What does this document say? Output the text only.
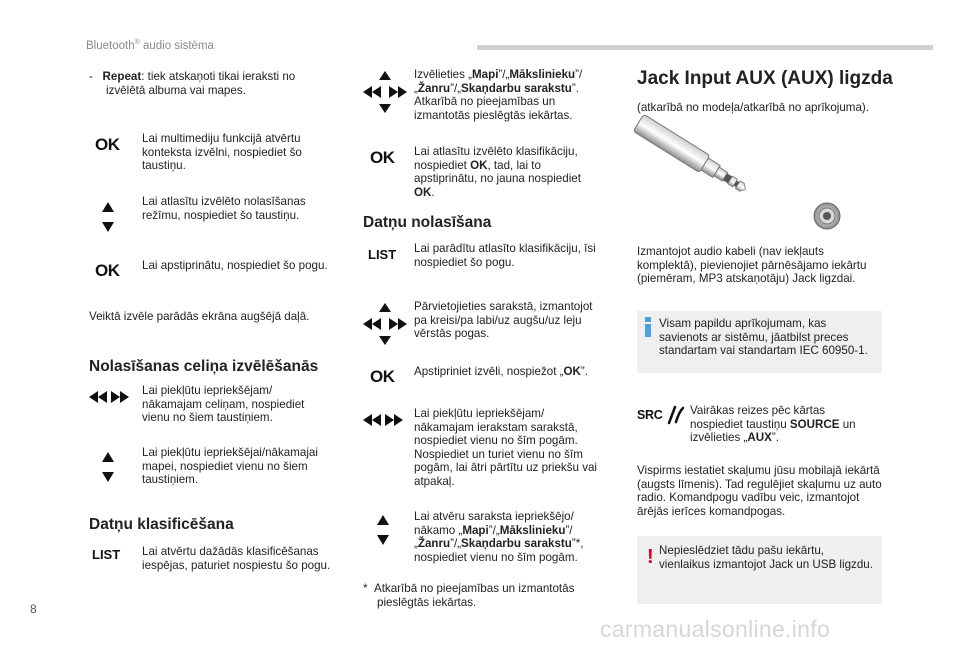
Bluetooth® audio sistēma
8
carmanualsonline.info
- Repeat: tiek atskaņoti tikai ieraksti no
izvēlētā albuma vai mapes.
OK Lai multimediju funkcijā atvērtu
konteksta izvēlni, nospiediet šo
taustiņu.
Lai atlasītu izvēlēto nolasīšanas
režīmu, nospiediet šo taustiņu.
OK Lai apstiprinātu, nospiediet šo pogu.
Veiktā izvēle parādās ekrāna augšējā daļā.
Nolasīšanas celiņa izvēlēšanās
Lai piekļūtu iepriekšējam/
nākamajam celiņam, nospiediet
vienu no šiem taustiņiem.
Lai piekļūtu iepriekšējai/nākamajai
mapei, nospiediet vienu no šiem
taustiņiem.
Datņu klasificēšana
LIST Lai atvērtu dažādās klasificēšanas
iespējas, paturiet nospiestu šo pogu.
Izvēlieties „Mapi”/„Mākslinieku”/
„Žanru”/„Skaņdarbu sarakstu”.
Atkarībā no pieejamības un
izmantotās pieslēgtās iekārtas.
OK Lai atlasītu izvēlēto klasifikāciju,
nospiediet OK, tad, lai to
apstiprinātu, no jauna nospiediet
OK.
Datņu nolasīšana
LIST Lai parādītu atlasīto klasifikāciju, īsi
nospiediet šo pogu.
Pārvietojieties sarakstā, izmantojot
pa kreisi/pa labi/uz augšu/uz leju
vērstās pogas.
OK Apstipriniet izvēli, nospiežot „OK”.
Lai piekļūtu iepriekšējam/
nākamajam ierakstam sarakstā,
nospiediet vienu no šīm pogām.
Nospiediet un turiet vienu no šīm
pogām, lai ātri pārtītu uz priekšu vai
atpakaļ.
Lai atvēru saraksta iepriekšējo/
nākamo „Mapi”/„Mākslinieku”/
„Žanru”/„Skaņdarbu sarakstu”*,
nospiediet vienu no šīm pogām.
* Atkarībā no pieejamības un izmantotās
pieslēgtās iekārtas.
Jack Input AUX (AUX) ligzda
(atkarībā no modeļa/atkarībā no aprīkojuma).
Izmantojot audio kabeli (nav iekļauts
komplektā), pievienojiet pārnēsājamo iekārtu
(piemēram, MP3 atskaņotāju) Jack ligzdai.
Visam papildu aprīkojumam, kas
savienots ar sistēmu, jāatbilst preces
standartam vai standartam IEC 60950-1.
SRC Vairākas reizes pēc kārtas
nospiediet taustiņu SOURCE un
izvēlieties „AUX”.
Vispirms iestatiet skaļumu jūsu mobilajā iekārtā
(augsts līmenis). Tad regulējiet skaļumu uz auto
radio. Komandpogu vadību veic, izmantojot
ārējās ierīces komandpogas.
! Nepieslēdziet tādu pašu iekārtu,
vienlaikus izmantojot Jack un USB ligzdu.
